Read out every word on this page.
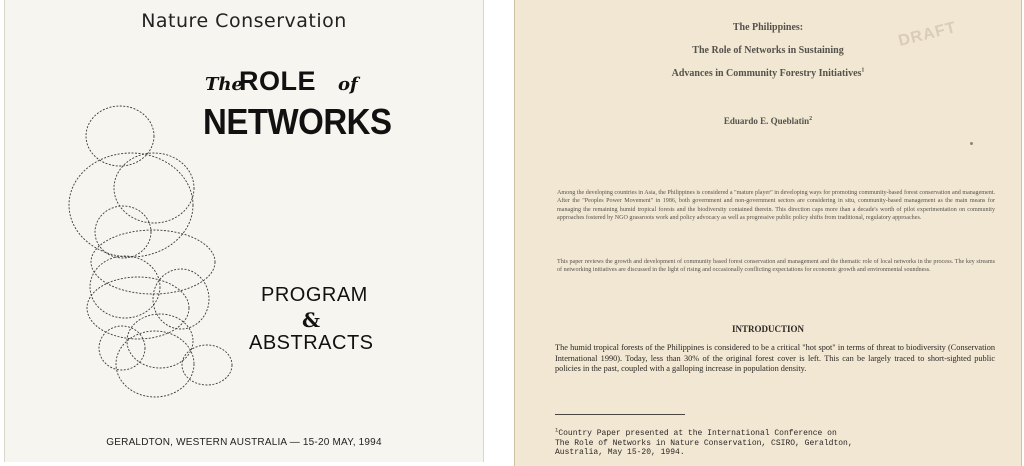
Nature Conservation
The
ROLE of
NETWORKS
PROGRAM
&
ABSTRACTS
GERALDTON, WESTERN AUSTRALIA — 15-20 MAY, 1994
The Philippines:
The Role of Networks in Sustaining
Advances in Community Forestry Initiatives$^1$
DRAFT
Eduardo E. Queblatin$^2$

Among the developing countries in Asia, the Philippines is considered a "mature player" in developing ways for promoting community-based forest conservation and management. After the "Peoples Power Movement" in 1986, both government and non-government sectors are considering in situ, community-based management as the main means for managing the remaining humid tropical forests and the biodiversity contained therein. This direction caps more than a decade's worth of pilot experimentation on community approaches fostered by NGO grassroots work and policy advocacy as well as progressive public policy shifts from traditional, regulatory approaches.

This paper reviews the growth and development of community based forest conservation and management and the thematic role of local networks in the process. The key streams of networking initiatives are discussed in the light of rising and occasionally conflicting expectations for economic growth and environmental soundness.

INTRODUCTION

The humid tropical forests of the Philippines is considered to be a critical "hot spot" in terms of threat to biodiversity (Conservation International 1990). Today, less than 30% of the original forest cover is left. This can be largely traced to short-sighted public policies in the past, coupled with a galloping increase in population density.

$^1$Country Paper presented at the International Conference on
The Role of Networks in Nature Conservation, CSIRO, Geraldton,
Australia, May 15-20, 1994.
